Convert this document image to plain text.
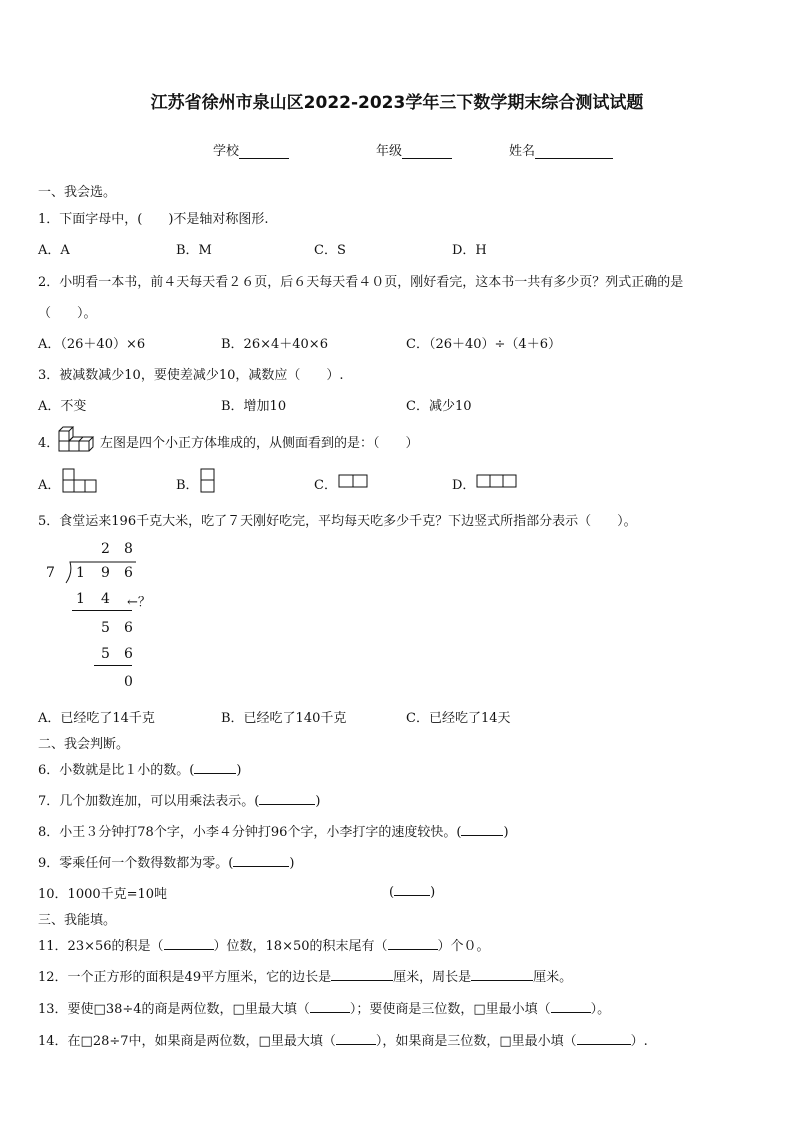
江苏省徐州市泉山区2022-2023学年三下数学期末综合测试试题
学校	年级	姓名
一、我会选。
1．下面字母中，(　　)不是轴对称图形.
A．A	B．M	C．S	D．H
2．小明看一本书，前４天每天看２６页，后６天每天看４０页，刚好看完，这本书一共有多少页？列式正确的是
（　　）。
A．（26＋40）×6	B．26×4＋40×6	C．（26＋40）÷（4＋6）
3．被减数减少10，要使差减少10，减数应（　　）.
A．不变	B．增加10	C．减少10
4．	左图是四个小正方体堆成的，从侧面看到的是：（　　）
A．	B．	C．	D．
5．食堂运来196千克大米，吃了７天刚好吃完，平均每天吃多少千克？下边竖式所指部分表示（　　）。
2 8
7 1 9 6
1 4 ←？
5 6
5 6
0
A．已经吃了14千克	B．已经吃了140千克	C．已经吃了14天
二、我会判断。
6．小数就是比１小的数。(	)
7．几个加数连加，可以用乘法表示。(	)
8．小王３分钟打78个字，小李４分钟打96个字，小李打字的速度较快。(	)
9．零乘任何一个数得数都为零。(	)
10．1000千克=10吨	(	)
三、我能填。
11．23×56的积是（	）位数，18×50的积末尾有（	）个０。
12．一个正方形的面积是49平方厘米，它的边长是	厘米，周长是	厘米。
13．要使□38÷4的商是两位数，□里最大填（	）；要使商是三位数，□里最小填（	）。
14．在□28÷7中，如果商是两位数，□里最大填（	），如果商是三位数，□里最小填（	）.
